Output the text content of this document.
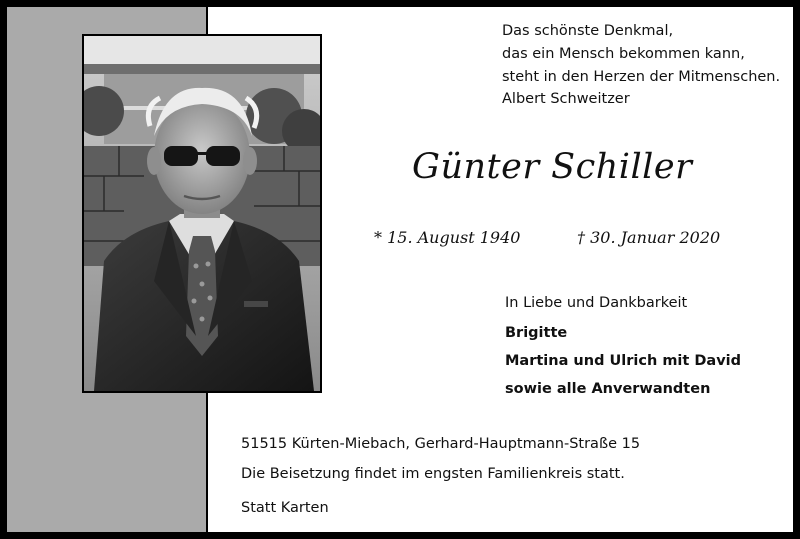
Das schönste Denkmal,
das ein Mensch bekommen kann,
steht in den Herzen der Mitmenschen.
Albert Schweitzer
Günter Schiller
* 15. August 1940	† 30. Januar 2020
In Liebe und Dankbarkeit
Brigitte
Martina und Ulrich mit David
sowie alle Anverwandten
51515 Kürten-Miebach, Gerhard-Hauptmann-Straße 15
Die Beisetzung findet im engsten Familienkreis statt.
Statt Karten
